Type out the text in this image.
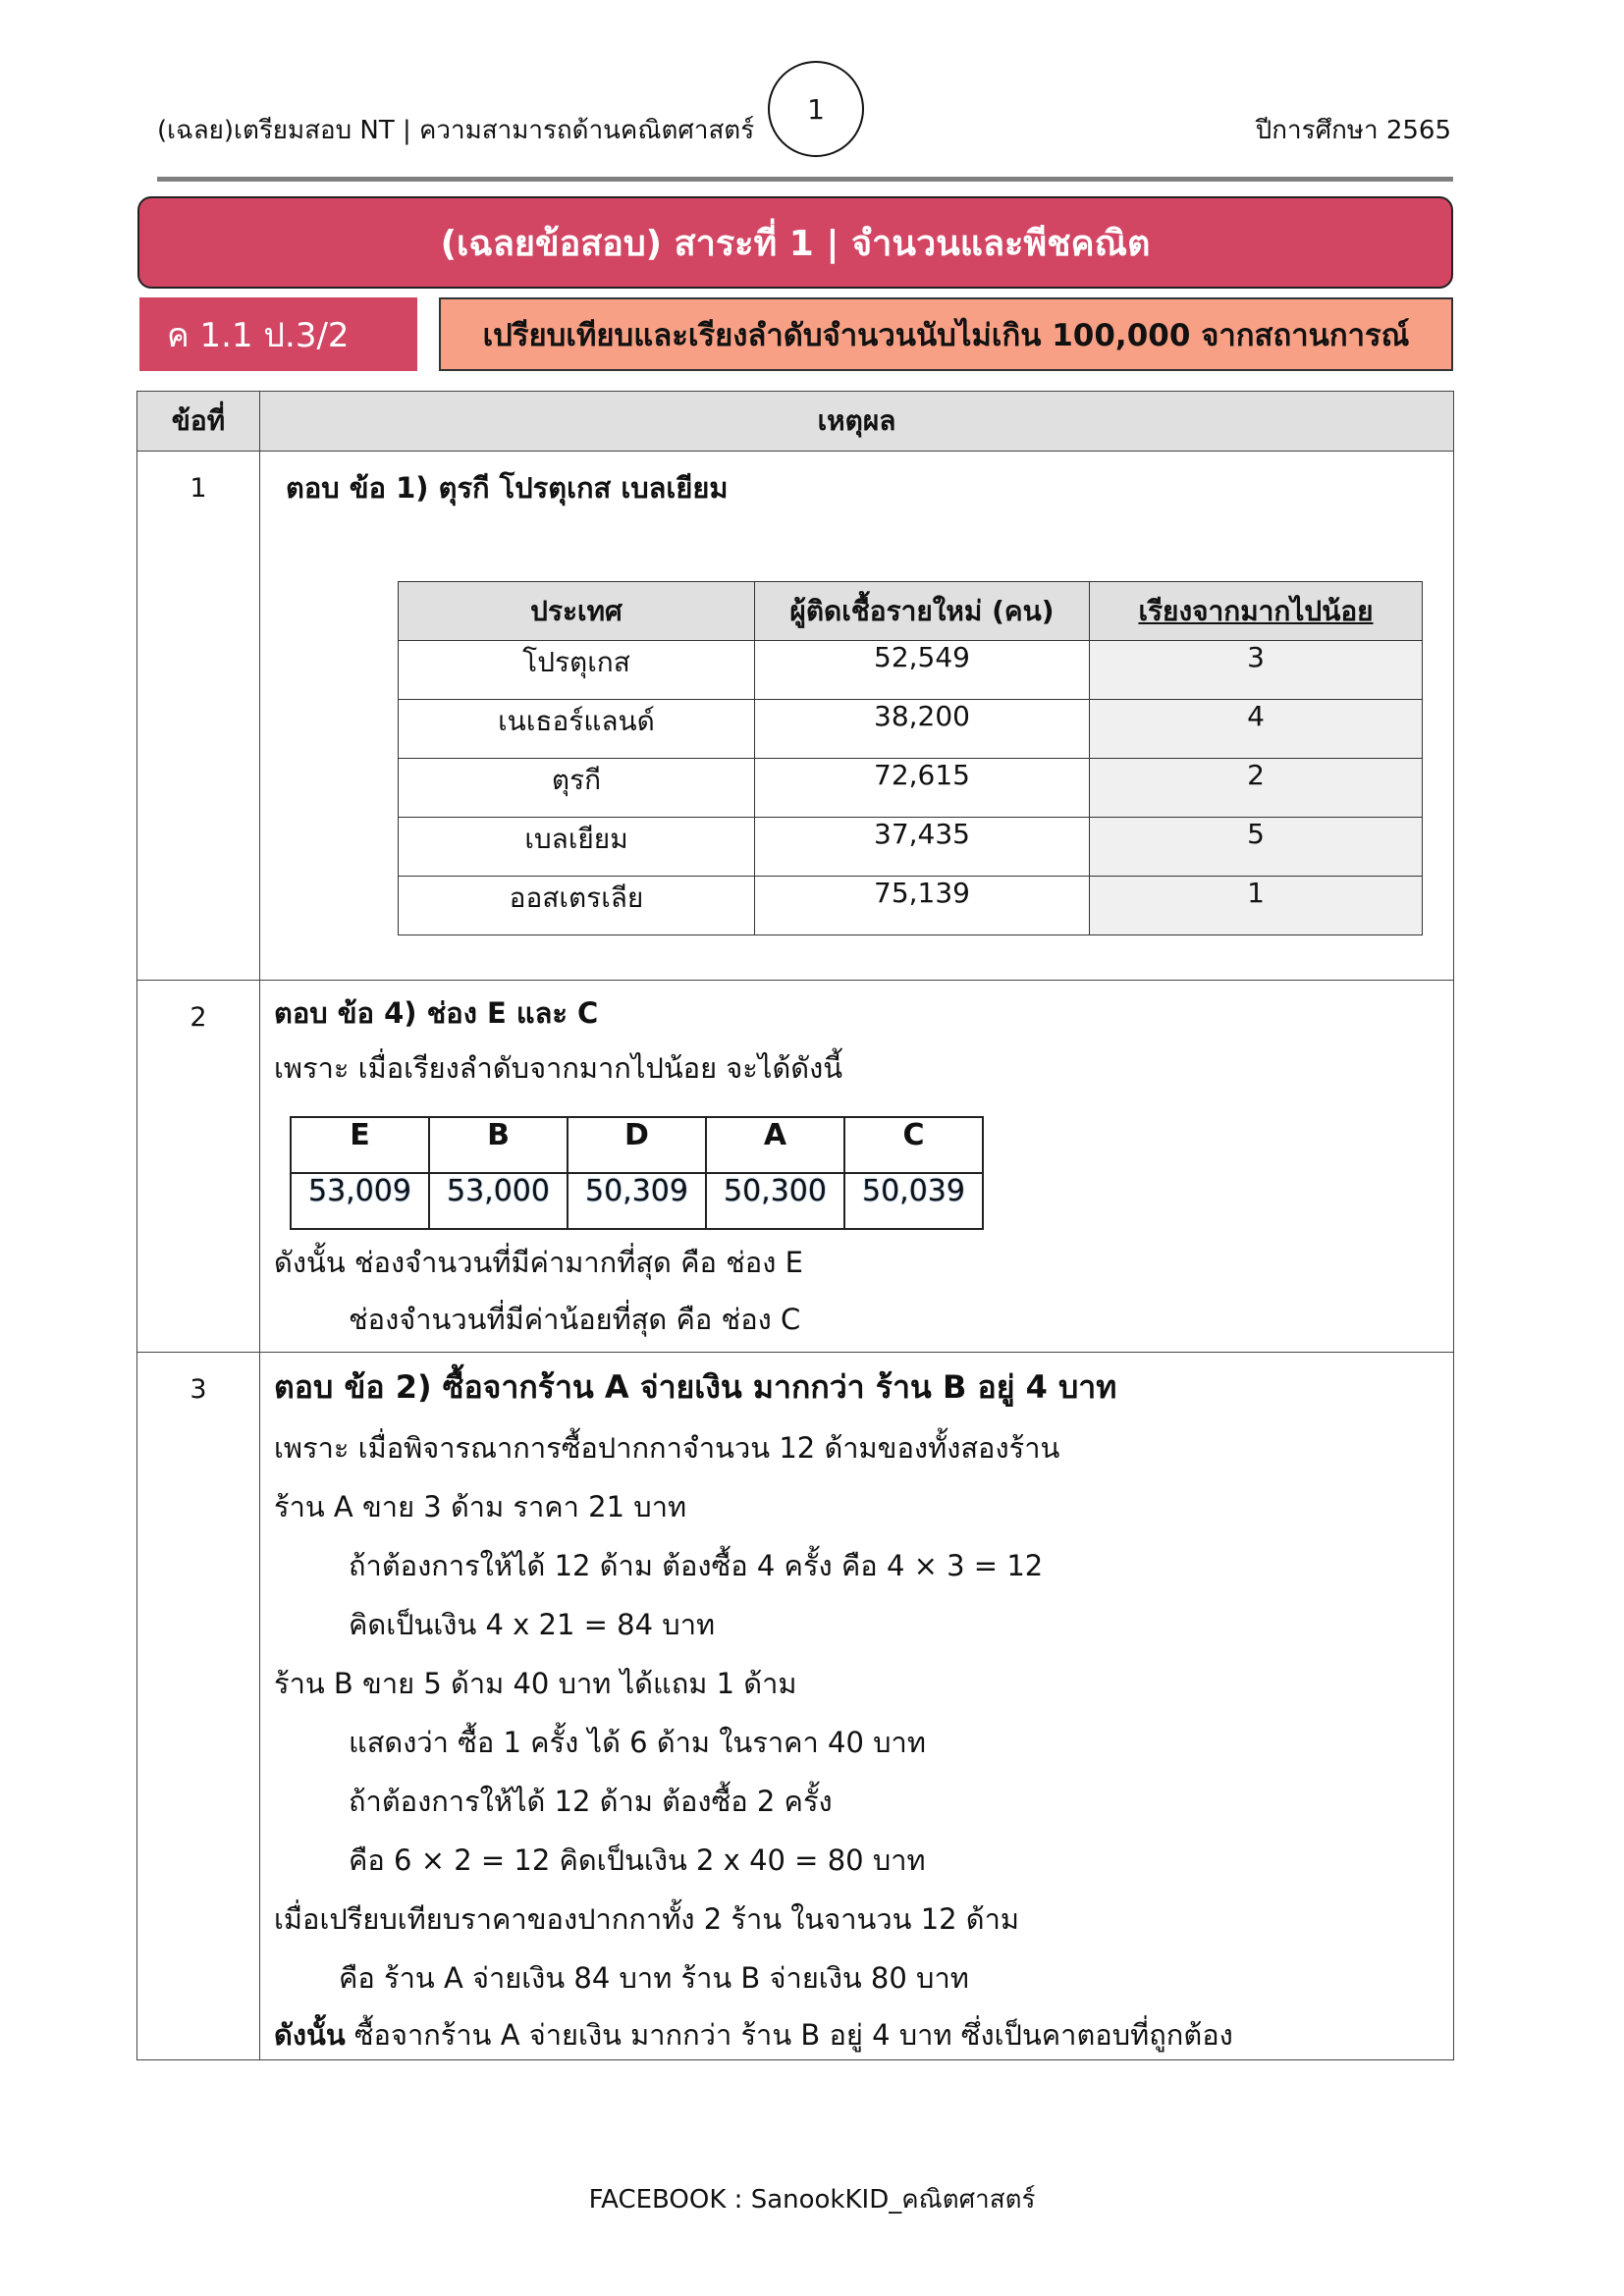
(เฉลย)เตรียมสอบ NT | ความสามารถด้านคณิตศาสตร์
1
ปีการศึกษา 2565
(เฉลยข้อสอบ) สาระที่ 1 | จำนวนและพีชคณิต
ค 1.1 ป.3/2	เปรียบเทียบและเรียงลำดับจำนวนนับไม่เกิน 100,000 จากสถานการณ์
ข้อที่	เหตุผล

1	ตอบ ข้อ 1) ตุรกี โปรตุเกส เบลเยียม
ประเทศ	ผู้ติดเชื้อรายใหม่ (คน)	เรียงจากมากไปน้อย
โปรตุเกส	52,549	3
เนเธอร์แลนด์	38,200	4
ตุรกี	72,615	2
เบลเยียม	37,435	5
ออสเตรเลีย	75,139	1

2	ตอบ ข้อ 4) ช่อง E และ C
เพราะ เมื่อเรียงลำดับจากมากไปน้อย จะได้ดังนี้
E	B	D	A	C
53,009	53,000	50,309	50,300	50,039
ดังนั้น ช่องจำนวนที่มีค่ามากที่สุด คือ ช่อง E
ช่องจำนวนที่มีค่าน้อยที่สุด คือ ช่อง C

3	ตอบ ข้อ 2) ซื้อจากร้าน A จ่ายเงิน มากกว่า ร้าน B อยู่ 4 บาท
เพราะ เมื่อพิจารณาการซื้อปากกาจำนวน 12 ด้ามของทั้งสองร้าน
ร้าน A ขาย 3 ด้าม ราคา 21 บาท
ถ้าต้องการให้ได้ 12 ด้าม ต้องซื้อ 4 ครั้ง คือ 4 × 3 = 12
คิดเป็นเงิน 4 x 21 = 84 บาท
ร้าน B ขาย 5 ด้าม 40 บาท ได้แถม 1 ด้าม
แสดงว่า ซื้อ 1 ครั้ง ได้ 6 ด้าม ในราคา 40 บาท
ถ้าต้องการให้ได้ 12 ด้าม ต้องซื้อ 2 ครั้ง
คือ 6 × 2 = 12 คิดเป็นเงิน 2 x 40 = 80 บาท
เมื่อเปรียบเทียบราคาของปากกาทั้ง 2 ร้าน ในจานวน 12 ด้าม
คือ ร้าน A จ่ายเงิน 84 บาท ร้าน B จ่ายเงิน 80 บาท
ดังนั้น ซื้อจากร้าน A จ่ายเงิน มากกว่า ร้าน B อยู่ 4 บาท ซึ่งเป็นคาตอบที่ถูกต้อง
FACEBOOK : SanookKID_คณิตศาสตร์
